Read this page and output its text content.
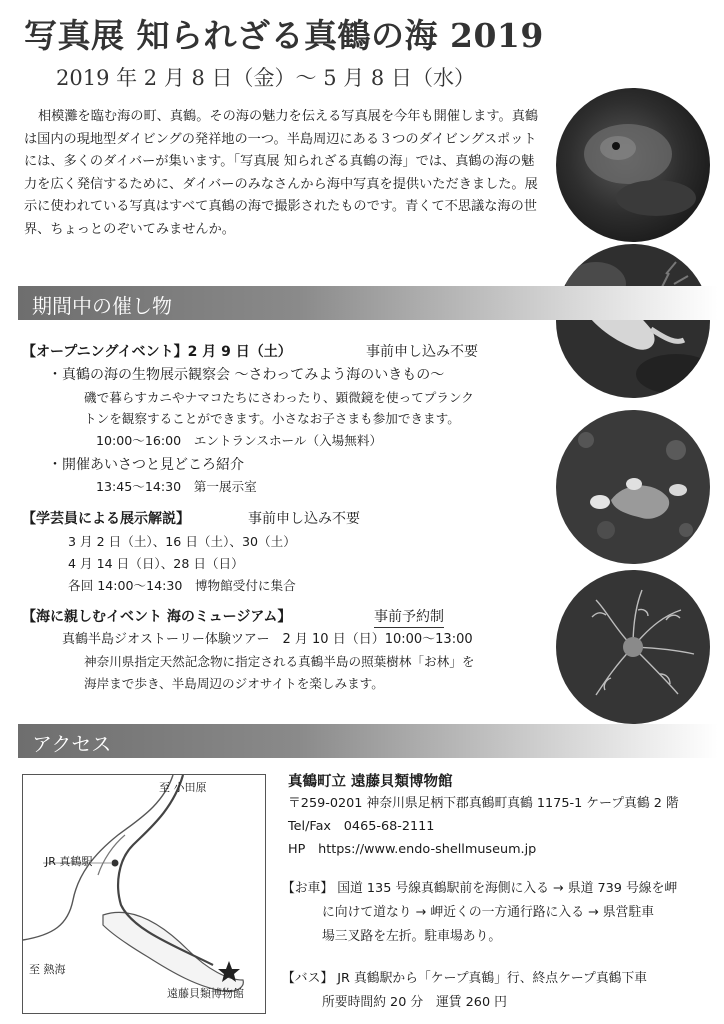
写真展 知られざる真鶴の海 2019
2019 年 2 月 8 日（金）～ 5 月 8 日（水）
相模灘を臨む海の町、真鶴。その海の魅力を伝える写真展を今年も開催します。真鶴は国内の現地型ダイビングの発祥地の一つ。半島周辺にある３つのダイビングスポットには、多くのダイバーが集います。「写真展 知られざる真鶴の海」では、真鶴の海の魅力を広く発信するために、ダイバーのみなさんから海中写真を提供いただきました。展示に使われている写真はすべて真鶴の海で撮影されたものです。青くて不思議な海の世界、ちょっとのぞいてみませんか。
期間中の催し物
【オープニングイベント】2 月 9 日（土）	事前申し込み不要
・真鶴の海の生物展示観察会 ～さわってみよう海のいきもの～
磯で暮らすカニやナマコたちにさわったり、顕微鏡を使ってプランク
トンを観察することができます。小さなお子さまも参加できます。
10:00～16:00　エントランスホール（入場無料）
・開催あいさつと見どころ紹介
13:45～14:30　第一展示室
【学芸員による展示解説】	事前申し込み不要
3 月 2 日（土）、16 日（土）、30（土）
4 月 14 日（日）、28 日（日）
各回 14:00～14:30　博物館受付に集合
【海に親しむイベント 海のミュージアム】	事前予約制
真鶴半島ジオストーリー体験ツアー　2 月 10 日（日）10:00～13:00
神奈川県指定天然記念物に指定される真鶴半島の照葉樹林「お林」を
海岸まで歩き、半島周辺のジオサイトを楽しみます。
アクセス
至 小田原
JR 真鶴駅
至 熱海
遠藤貝類博物館
真鶴町立 遠藤貝類博物館
〒259-0201 神奈川県足柄下郡真鶴町真鶴 1175-1 ケープ真鶴 2 階
Tel/Fax　0465-68-2111
HP　https://www.endo-shellmuseum.jp
【お車】 国道 135 号線真鶴駅前を海側に入る → 県道 739 号線を岬
に向けて道なり → 岬近くの一方通行路に入る → 県営駐車
場三叉路を左折。駐車場あり。
【バス】 JR 真鶴駅から「ケープ真鶴」行、終点ケープ真鶴下車
所要時間約 20 分　運賃 260 円
